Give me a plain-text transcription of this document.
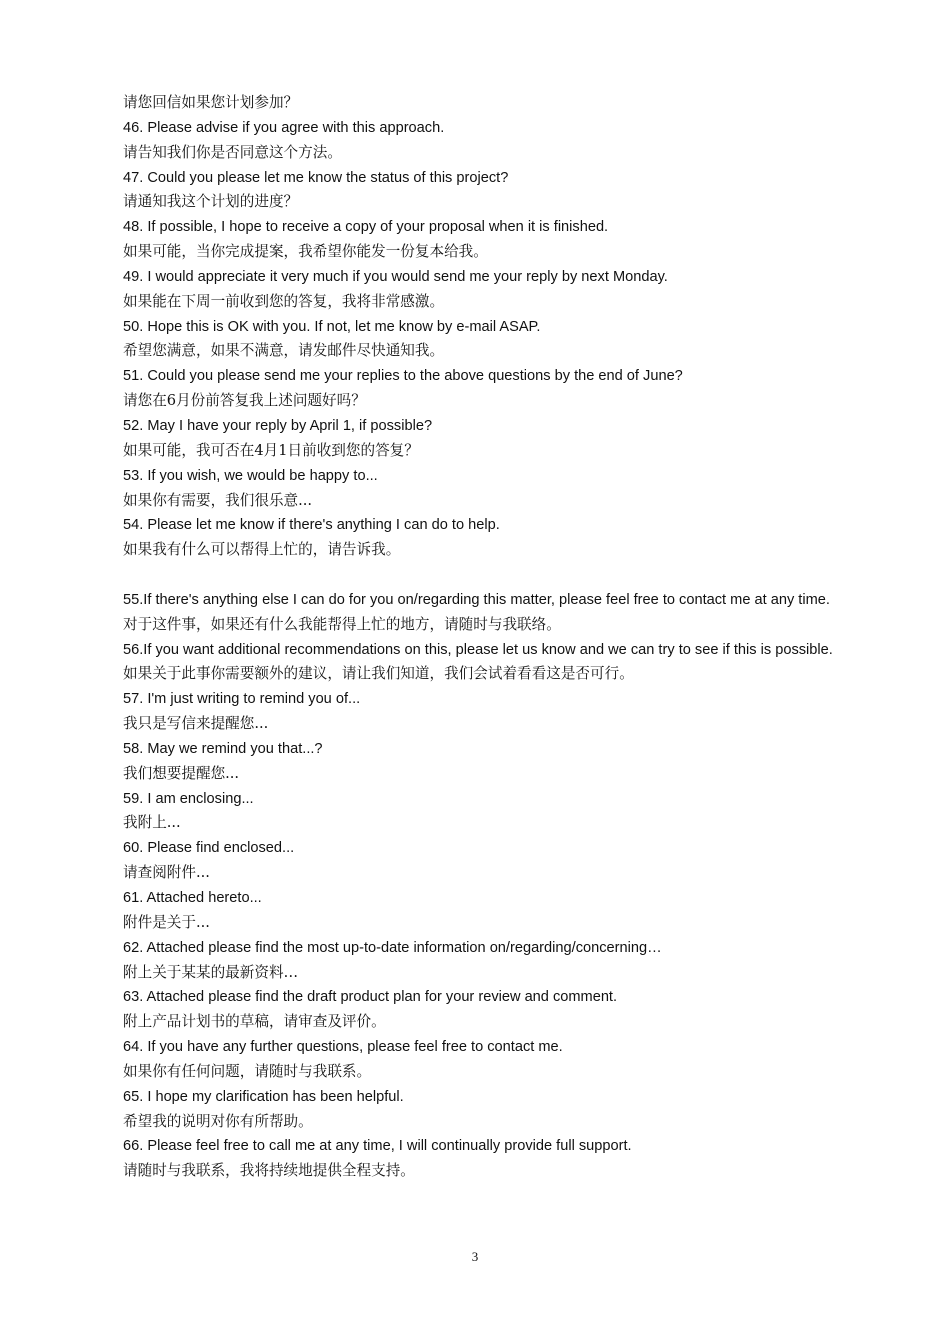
请您回信如果您计划参加？
46. Please advise if you agree with this approach.
请告知我们你是否同意这个方法。
47. Could you please let me know the status of this project?
请通知我这个计划的进度？
48. If possible, I hope to receive a copy of your proposal when it is finished.
如果可能，当你完成提案，我希望你能发一份复本给我。
49. I would appreciate it very much if you would send me your reply by next Monday.
如果能在下周一前收到您的答复，我将非常感激。
50. Hope this is OK with you. If not, let me know by e-mail ASAP.
希望您满意，如果不满意，请发邮件尽快通知我。
51. Could you please send me your replies to the above questions by the end of June?
请您在6月份前答复我上述问题好吗？
52. May I have your reply by April 1, if possible?
如果可能，我可否在4月1日前收到您的答复？
53. If you wish, we would be happy to...
如果你有需要，我们很乐意...
54. Please let me know if there's anything I can do to help.
如果我有什么可以帮得上忙的，请告诉我。
55.If there's anything else I can do for you on/regarding this matter, please feel free to contact me at any time.
对于这件事，如果还有什么我能帮得上忙的地方，请随时与我联络。
56.If you want additional recommendations on this, please let us know and we can try to see if this is possible.
如果关于此事你需要额外的建议，请让我们知道，我们会试着看看这是否可行。
57. I'm just writing to remind you of...
我只是写信来提醒您...
58. May we remind you that...?
我们想要提醒您...
59. I am enclosing...
我附上...
60. Please find enclosed...
请查阅附件...
61. Attached hereto...
附件是关于...
62. Attached please find the most up-to-date information on/regarding/concerning…
附上关于某某的最新资料…
63. Attached please find the draft product plan for your review and comment.
附上产品计划书的草稿，请审查及评价。
64. If you have any further questions, please feel free to contact me.
如果你有任何问题，请随时与我联系。
65. I hope my clarification has been helpful.
希望我的说明对你有所帮助。
66. Please feel free to call me at any time, I will continually provide full support.
请随时与我联系，我将持续地提供全程支持。
3
